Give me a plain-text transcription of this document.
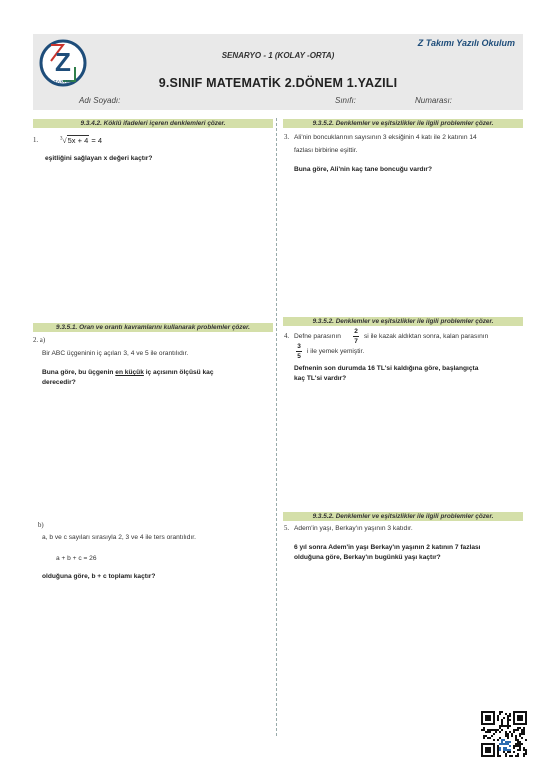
Z
TAKIMI
Z Takımı Yazılı Okulum
SENARYO - 1 (KOLAY -ORTA)
9.SINIF MATEMATİK 2.DÖNEM 1.YAZILI
Adı Soyadı:	Sınıfı:	Numarası:
9.3.4.2. Köklü ifadeleri içeren denklemleri çözer.
1.	$^3$√5x + 4 = 4
eşitliğini sağlayan x değeri kaçtır?
9.3.5.1. Oran ve orantı kavramlarını kullanarak problemler çözer.
2. a)
Bir ABC üçgeninin iç açıları 3, 4 ve 5 ile orantılıdır.
Buna göre, bu üçgenin en küçük iç açısının ölçüsü kaç
derecedir?
b)
a, b ve c sayıları sırasıyla 2, 3 ve 4 ile ters orantılıdır.
a + b + c = 26
olduğuna göre, b + c toplamı kaçtır?
9.3.5.2. Denklemler ve eşitsizlikler ile ilgili problemler çözer.
3. Ali'nin boncuklarının sayısının 3 eksiğinin 4 katı ile 2 katının 14
fazlası birbirine eşittir.
Buna göre, Ali'nin kaç tane boncuğu vardır?
9.3.5.2. Denklemler ve eşitsizlikler ile ilgili problemler çözer.
4. Defne parasının
2
7
si ile kazak aldıktan sonra, kalan parasının
3
5
i ile yemek yemiştir.
Defnenin son durumda 16 TL'si kaldığına göre, başlangıçta
kaç TL'si vardır?
9.3.5.2. Denklemler ve eşitsizlikler ile ilgili problemler çözer.
5. Adem'in yaşı, Berkay'ın yaşının 3 katıdır.
6 yıl sonra Adem'in yaşı Berkay'ın yaşının 2 katının 7 fazlası
olduğuna göre, Berkay'ın bugünkü yaşı kaçtır?
